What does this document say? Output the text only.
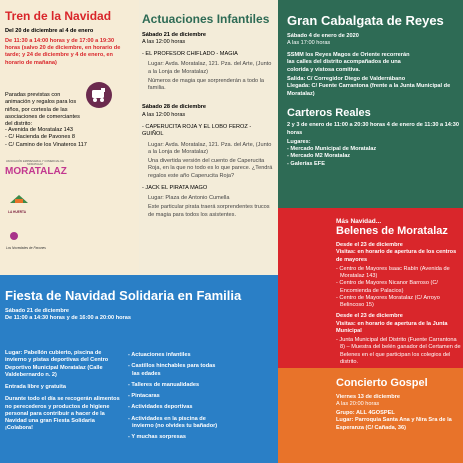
Tren de la Navidad
Del 20 de diciembre al 4 de enero
De 11:30 a 14:00 horas y de 17:00 a 19:30 horas (salvo 20 de diciembre, en horario de tarde; y 24 de diciembre y 4 de enero, en horario de mañana)
Paradas previstas con animación y regalos para los niños, por cortesía de las asociaciones de comerciantes del distrito:
- Avenida de Moratalaz 143
- C/ Hacienda de Pavones 8
- C/ Camino de los Vinateros 117
ASOCIACIÓN EMPRESARIAL Y COMERCIAL DE MORATALAZ
MORATALAZ
LA HUERTA
Los Novedades de Pavones
Actuaciones Infantiles
Sábado 21 de diciembre
A las 12:00 horas
- EL PROFESOR CHIFLADO - MAGIA
Lugar: Avda. Moratalaz, 121. Pza. del Arte, (Junto a la Lonja de Moratalaz)
Números de magia que sorprenderán a todo la familia.
Sábado 28 de diciembre
A las 12:00 horas
- CAPERUCITA ROJA Y EL LOBO FEROZ - GUIÑOL
Lugar: Avda. Moratalaz, 121. Pza. del Arte, (Junto a la Lonja de Moratalaz)
Una divertida versión del cuento de Caperucita Roja, en la que no todo es lo que parece. ¿Tendrá regalos este año Caperucita Roja?
- JACK EL PIRATA MAGO
Lugar: Plaza de Antonio Cumella
Este particular pirata traerá sorprendentes trucos de magia para todos los asistentes.
Gran Cabalgata de Reyes
Sábado 4 de enero de 2020
A las 17:00 horas
SSMM los Reyes Magos de Oriente recorrerán las calles del distrito acompañados de una colorida y vistosa comitiva.
Salida: C/ Corregidor Diego de Valderrábano
Llegada: C/ Fuente Carrantona (frente a la Junta Municipal de Moratalaz)
Carteros Reales
2 y 3 de enero de 11:00 a 20:30 horas 4 de enero de 11:30 a 14:30 horas
Lugares:
- Mercado Municipal de Moratalaz
- Mercado M2 Moratalaz
- Galerías EFE
Más Navidad...
Belenes de Moratalaz
Desde el 23 de diciembre
Visitas: en horario de apertura de los centros de mayores
- Centro de Mayores Isaac Rabín (Avenida de Moratalaz 143)
- Centro de Mayores Nicanor Barroso (C/ Encomienda de Palacios)
- Centro de Mayores Moratalaz (C/ Arroyo Belincoso 15)
Desde el 23 de diciembre
Visitas: en horario de apertura de la Junta Municipal
- Junta Municipal del Distrito (Fuente Carrantona 8) – Muestra del belén ganador del Certamen de Belenes en el que participan los colegios del distrito.
Concierto Gospel
Viernes 13 de diciembre
A las 20:00 horas
Grupo: ALL 4GOSPEL
Lugar: Parroquia Santa Ana y Nira Sra de la Esperanza (C/ Cañada, 36)
Fiesta de Navidad Solidaria en Familia
Sábado 21 de diciembre
De 11:00 a 14:30 horas y de 16:00 a 20:00 horas
Lugar: Pabellón cubierto, piscina de invierno y pistas deportivas del Centro Deportivo Municipal Moratalaz (Calle Valdebernardo n. 2)
Entrada libre y gratuita
Durante todo el día se recogerán alimentos no perecederos y productos de higiene personal para contribuir a hacer de la Navidad una gran Fiesta Solidaria ¡Colabora!
- Actuaciones infantiles
- Castillos hinchables para todas las edades
- Talleres de manualidades
- Pintacaras
- Actividades deportivas
- Actividades en la piscina de invierno (no olvides tu bañador)
- Y muchas sorpresas
